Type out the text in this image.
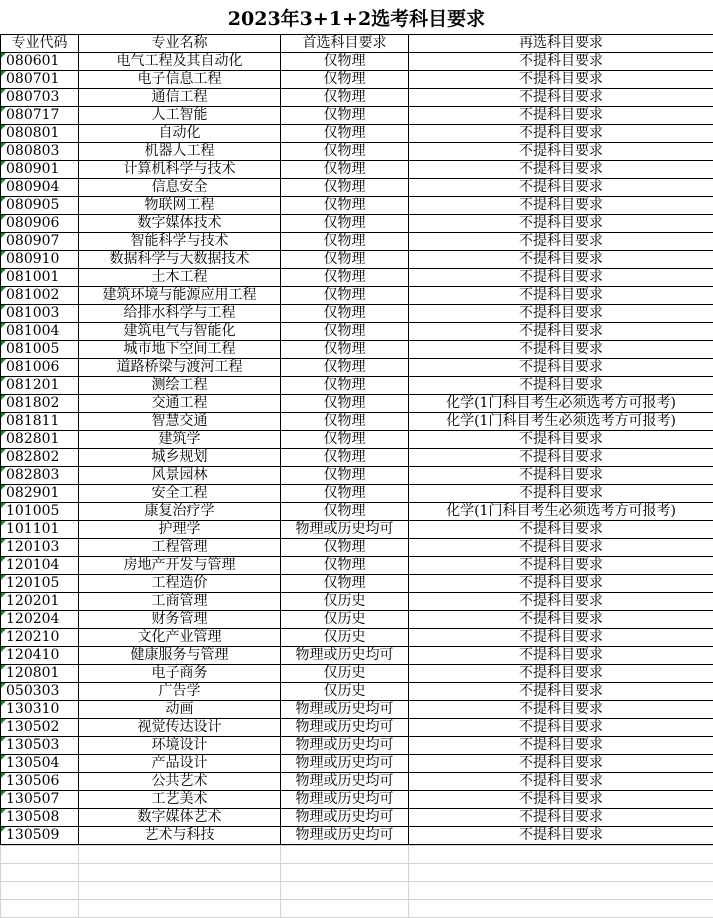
2023年3+1+2选考科目要求
专业代码	专业名称	首选科目要求	再选科目要求
080601	电气工程及其自动化	仅物理	不提科目要求
080701	电子信息工程	仅物理	不提科目要求
080703	通信工程	仅物理	不提科目要求
080717	人工智能	仅物理	不提科目要求
080801	自动化	仅物理	不提科目要求
080803	机器人工程	仅物理	不提科目要求
080901	计算机科学与技术	仅物理	不提科目要求
080904	信息安全	仅物理	不提科目要求
080905	物联网工程	仅物理	不提科目要求
080906	数字媒体技术	仅物理	不提科目要求
080907	智能科学与技术	仅物理	不提科目要求
080910	数据科学与大数据技术	仅物理	不提科目要求
081001	土木工程	仅物理	不提科目要求
081002	建筑环境与能源应用工程	仅物理	不提科目要求
081003	给排水科学与工程	仅物理	不提科目要求
081004	建筑电气与智能化	仅物理	不提科目要求
081005	城市地下空间工程	仅物理	不提科目要求
081006	道路桥梁与渡河工程	仅物理	不提科目要求
081201	测绘工程	仅物理	不提科目要求
081802	交通工程	仅物理	化学(1门科目考生必须选考方可报考)
081811	智慧交通	仅物理	化学(1门科目考生必须选考方可报考)
082801	建筑学	仅物理	不提科目要求
082802	城乡规划	仅物理	不提科目要求
082803	风景园林	仅物理	不提科目要求
082901	安全工程	仅物理	不提科目要求
101005	康复治疗学	仅物理	化学(1门科目考生必须选考方可报考)
101101	护理学	物理或历史均可	不提科目要求
120103	工程管理	仅物理	不提科目要求
120104	房地产开发与管理	仅物理	不提科目要求
120105	工程造价	仅物理	不提科目要求
120201	工商管理	仅历史	不提科目要求
120204	财务管理	仅历史	不提科目要求
120210	文化产业管理	仅历史	不提科目要求
120410	健康服务与管理	物理或历史均可	不提科目要求
120801	电子商务	仅历史	不提科目要求
050303	广告学	仅历史	不提科目要求
130310	动画	物理或历史均可	不提科目要求
130502	视觉传达设计	物理或历史均可	不提科目要求
130503	环境设计	物理或历史均可	不提科目要求
130504	产品设计	物理或历史均可	不提科目要求
130506	公共艺术	物理或历史均可	不提科目要求
130507	工艺美术	物理或历史均可	不提科目要求
130508	数字媒体艺术	物理或历史均可	不提科目要求
130509	艺术与科技	物理或历史均可	不提科目要求
